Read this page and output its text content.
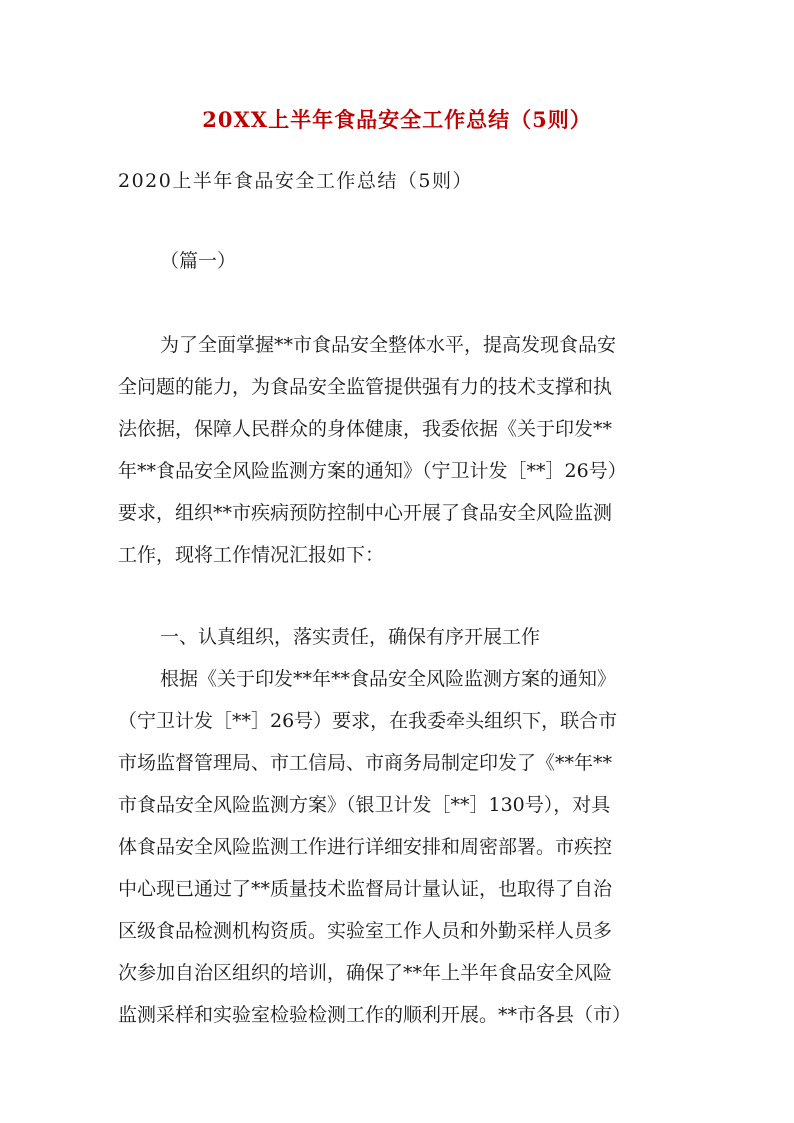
20XX上半年食品安全工作总结（5则）
2020上半年食品安全工作总结（5则）
（篇一）
为了全面掌握**市食品安全整体水平，提高发现食品安
全问题的能力，为食品安全监管提供强有力的技术支撑和执
法依据，保障人民群众的身体健康，我委依据《关于印发**
年**食品安全风险监测方案的通知》（宁卫计发［**］26号）
要求，组织**市疾病预防控制中心开展了食品安全风险监测
工作，现将工作情况汇报如下：
一、认真组织，落实责任，确保有序开展工作
根据《关于印发**年**食品安全风险监测方案的通知》
（宁卫计发［**］26号）要求，在我委牵头组织下，联合市
市场监督管理局、市工信局、市商务局制定印发了《**年**
市食品安全风险监测方案》（银卫计发［**］130号），对具
体食品安全风险监测工作进行详细安排和周密部署。市疾控
中心现已通过了**质量技术监督局计量认证，也取得了自治
区级食品检测机构资质。实验室工作人员和外勤采样人员多
次参加自治区组织的培训，确保了**年上半年食品安全风险
监测采样和实验室检验检测工作的顺利开展。**市各县（市）
